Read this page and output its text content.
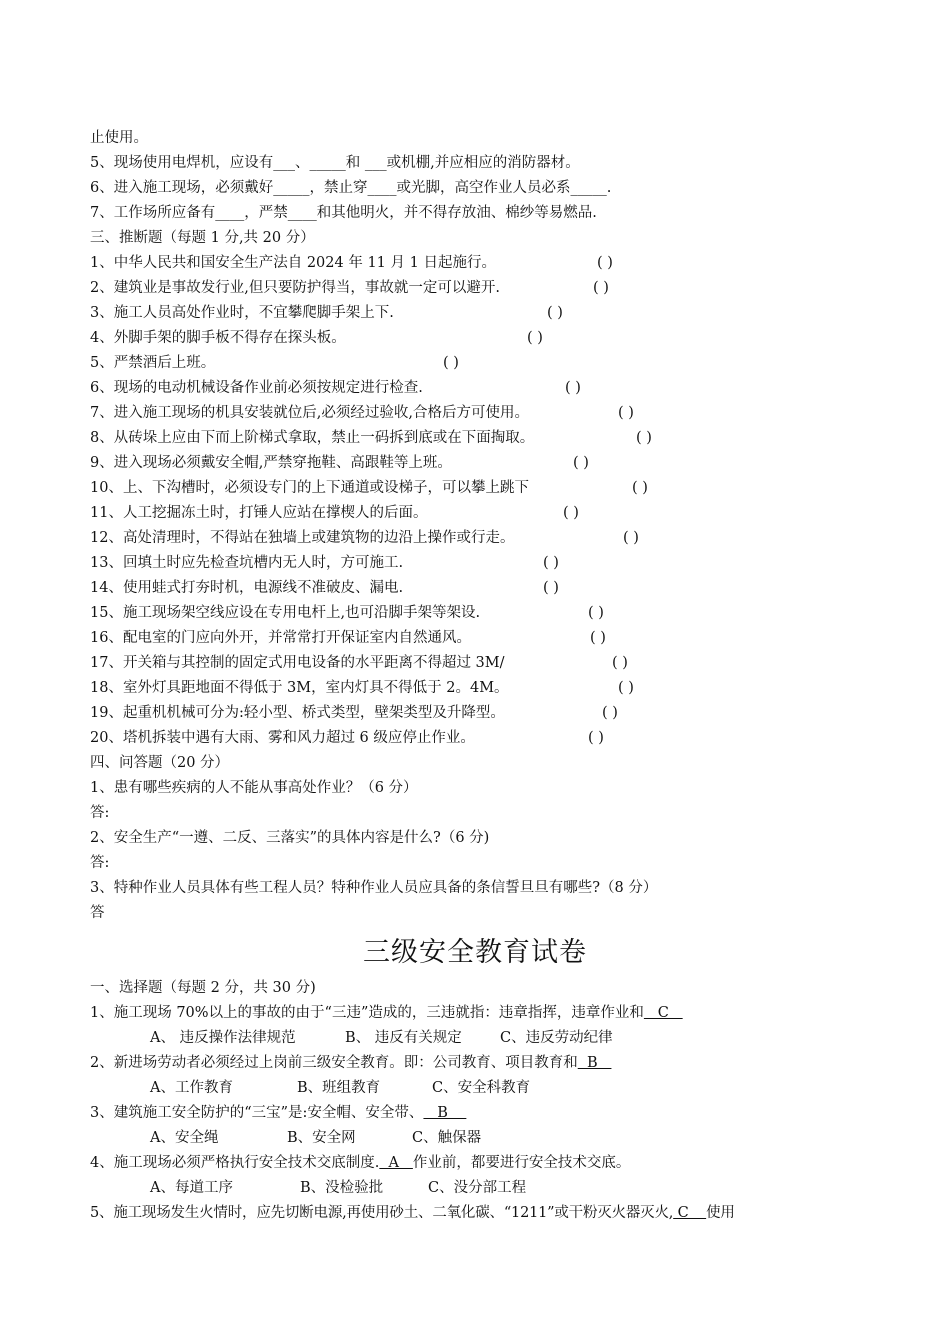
止使用。
5、现场使用电焊机，应设有___、_____和 ___或机棚,并应相应的消防器材。
6、进入施工现场，必须戴好_____，禁止穿____或光脚，高空作业人员必系_____.
7、工作场所应备有____，严禁____和其他明火，并不得存放油、棉纱等易燃品.
三、推断题（每题 1 分,共 20 分）
1、中华人民共和国安全生产法自 2024 年 11 月 1 日起施行。	( )
2、建筑业是事故发行业,但只要防护得当，事故就一定可以避开.	( )
3、施工人员高处作业时，不宜攀爬脚手架上下.	( )
4、外脚手架的脚手板不得存在探头板。	( )
5、严禁酒后上班。	( )
6、现场的电动机械设备作业前必须按规定进行检查.	( )
7、进入施工现场的机具安装就位后,必须经过验收,合格后方可使用。	( )
8、从砖垛上应由下而上阶梯式拿取，禁止一码拆到底或在下面掏取。	( )
9、进入现场必须戴安全帽,严禁穿拖鞋、高跟鞋等上班。	( )
10、上、下沟槽时，必须设专门的上下通道或设梯子，可以攀上跳下	( )
11、人工挖掘冻土时，打锤人应站在撑楔人的后面。	( )
12、高处清理时，不得站在独墙上或建筑物的边沿上操作或行走。	( )
13、回填土时应先检查坑槽内无人时，方可施工.	( )
14、使用蛙式打夯时机，电源线不准破皮、漏电.	( )
15、施工现场架空线应设在专用电杆上,也可沿脚手架等架设.	( )
16、配电室的门应向外开，并常常打开保证室内自然通风。	( )
17、开关箱与其控制的固定式用电设备的水平距离不得超过 3M/	( )
18、室外灯具距地面不得低于 3M，室内灯具不得低于 2。4M。	( )
19、起重机机械可分为:轻小型、桥式类型，壁架类型及升降型。	( )
20、塔机拆装中遇有大雨、雾和风力超过 6 级应停止作业。	( )
四、问答题（20 分）
1、患有哪些疾病的人不能从事高处作业？（6 分）
答:
2、安全生产“一遵、二反、三落实”的具体内容是什么?（6 分)
答:
3、特种作业人员具体有些工程人员？特种作业人员应具备的条信誓旦旦有哪些?（8 分）
答
三级安全教育试卷
一、选择题（每题 2 分，共 30 分)
1、施工现场 70%以上的事故的由于“三违”造成的，三违就指：违章指挥，违章作业和   C
A、 违反操作法律规范	B、 违反有关规定	C、违反劳动纪律
2、新进场劳动者必须经过上岗前三级安全教育。即：公司教育、项目教育和  B
A、工作教育	B、班组教育	C、安全科教育
3、建筑施工安全防护的“三宝”是:安全帽、安全带、   B
A、安全绳	B、安全网	C、触保器
4、施工现场必须严格执行安全技术交底制度.  A   作业前，都要进行安全技术交底。
A、每道工序	B、没检验批	C、没分部工程
5、施工现场发生火情时，应先切断电源,再使用砂土、二氧化碳、“1211”或干粉灭火器灭火, C    使用
